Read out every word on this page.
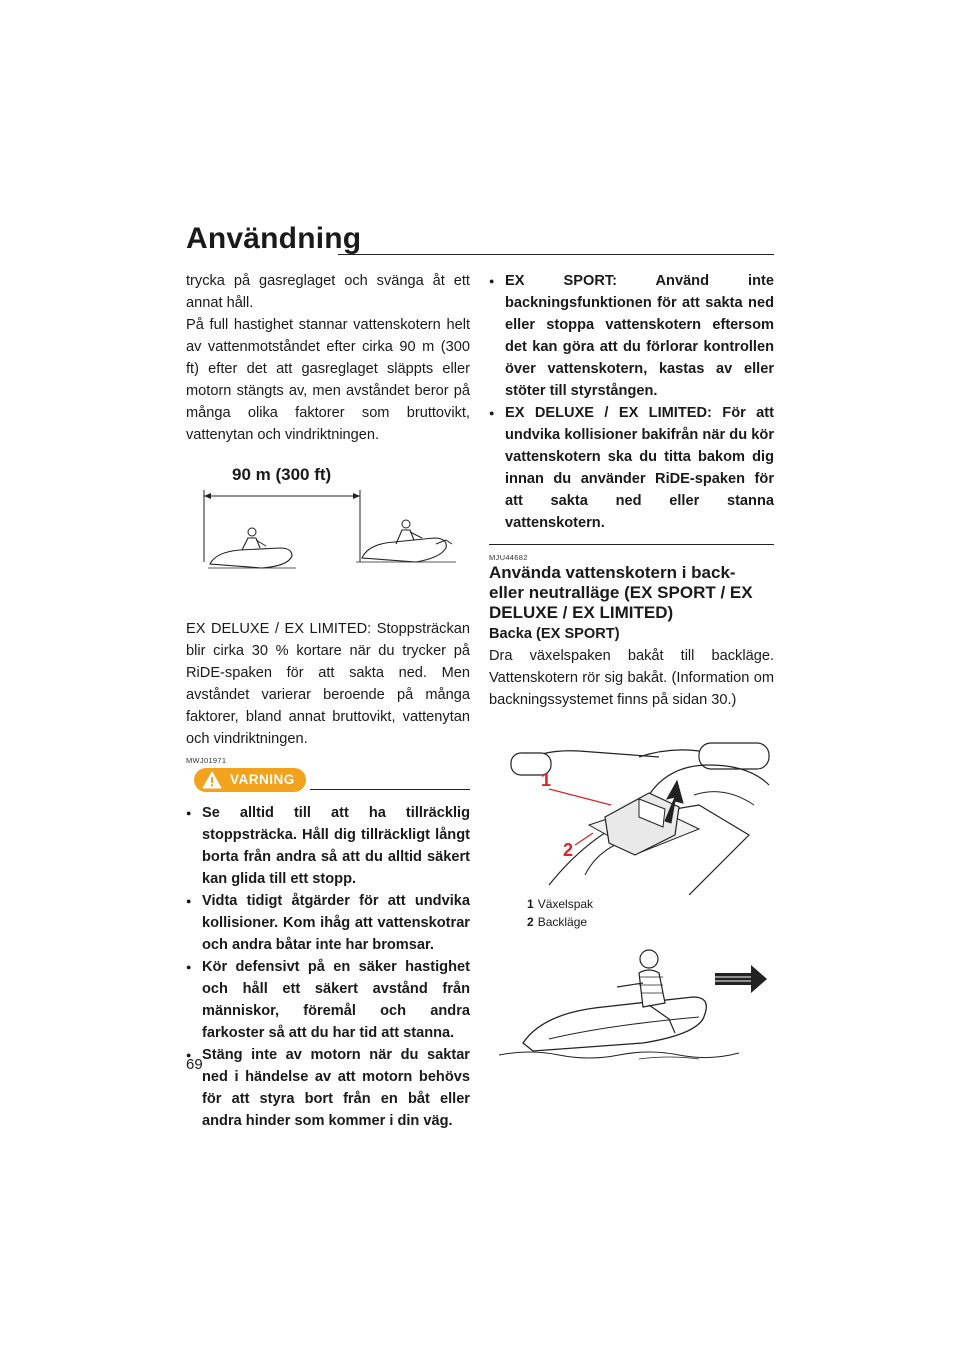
Användning
69

trycka på gasreglaget och svänga åt ett annat håll.

På full hastighet stannar vattenskotern helt av vattenmotståndet efter cirka 90 m (300 ft) efter det att gasreglaget släppts eller motorn stängts av, men avståndet beror på många olika faktorer som bruttovikt, vattenytan och vindriktningen.

90 m (300 ft)

EX DELUXE / EX LIMITED: Stoppsträckan blir cirka 30 % kortare när du trycker på RiDE-spaken för att sakta ned. Men avståndet varierar beroende på många faktorer, bland annat bruttovikt, vattenytan och vindriktningen.

MWJ01971
VARNING
● Se alltid till att ha tillräcklig stoppsträcka. Håll dig tillräckligt långt borta från andra så att du alltid säkert kan glida till ett stopp.
● Vidta tidigt åtgärder för att undvika kollisioner. Kom ihåg att vattenskotrar och andra båtar inte har bromsar.
● Kör defensivt på en säker hastighet och håll ett säkert avstånd från människor, föremål och andra farkoster så att du har tid att stanna.
● Stäng inte av motorn när du saktar ned i händelse av att motorn behövs för att styra bort från en båt eller andra hinder som kommer i din väg.
● EX SPORT: Använd inte backningsfunktionen för att sakta ned eller stoppa vattenskotern eftersom det kan göra att du förlorar kontrollen över vattenskotern, kastas av eller stöter till styrstången.
● EX DELUXE / EX LIMITED: För att undvika kollisioner bakifrån när du kör vattenskotern ska du titta bakom dig innan du använder RiDE-spaken för att sakta ned eller stanna vattenskotern.
MJU44682
Använda vattenskotern i back- eller neutralläge (EX SPORT / EX DELUXE / EX LIMITED)
Backa (EX SPORT)

Dra växelspaken bakåt till backläge. Vattenskotern rör sig bakåt. (Information om backningssystemet finns på sidan 30.)

1
2
1 Växelspak
2 Backläge
